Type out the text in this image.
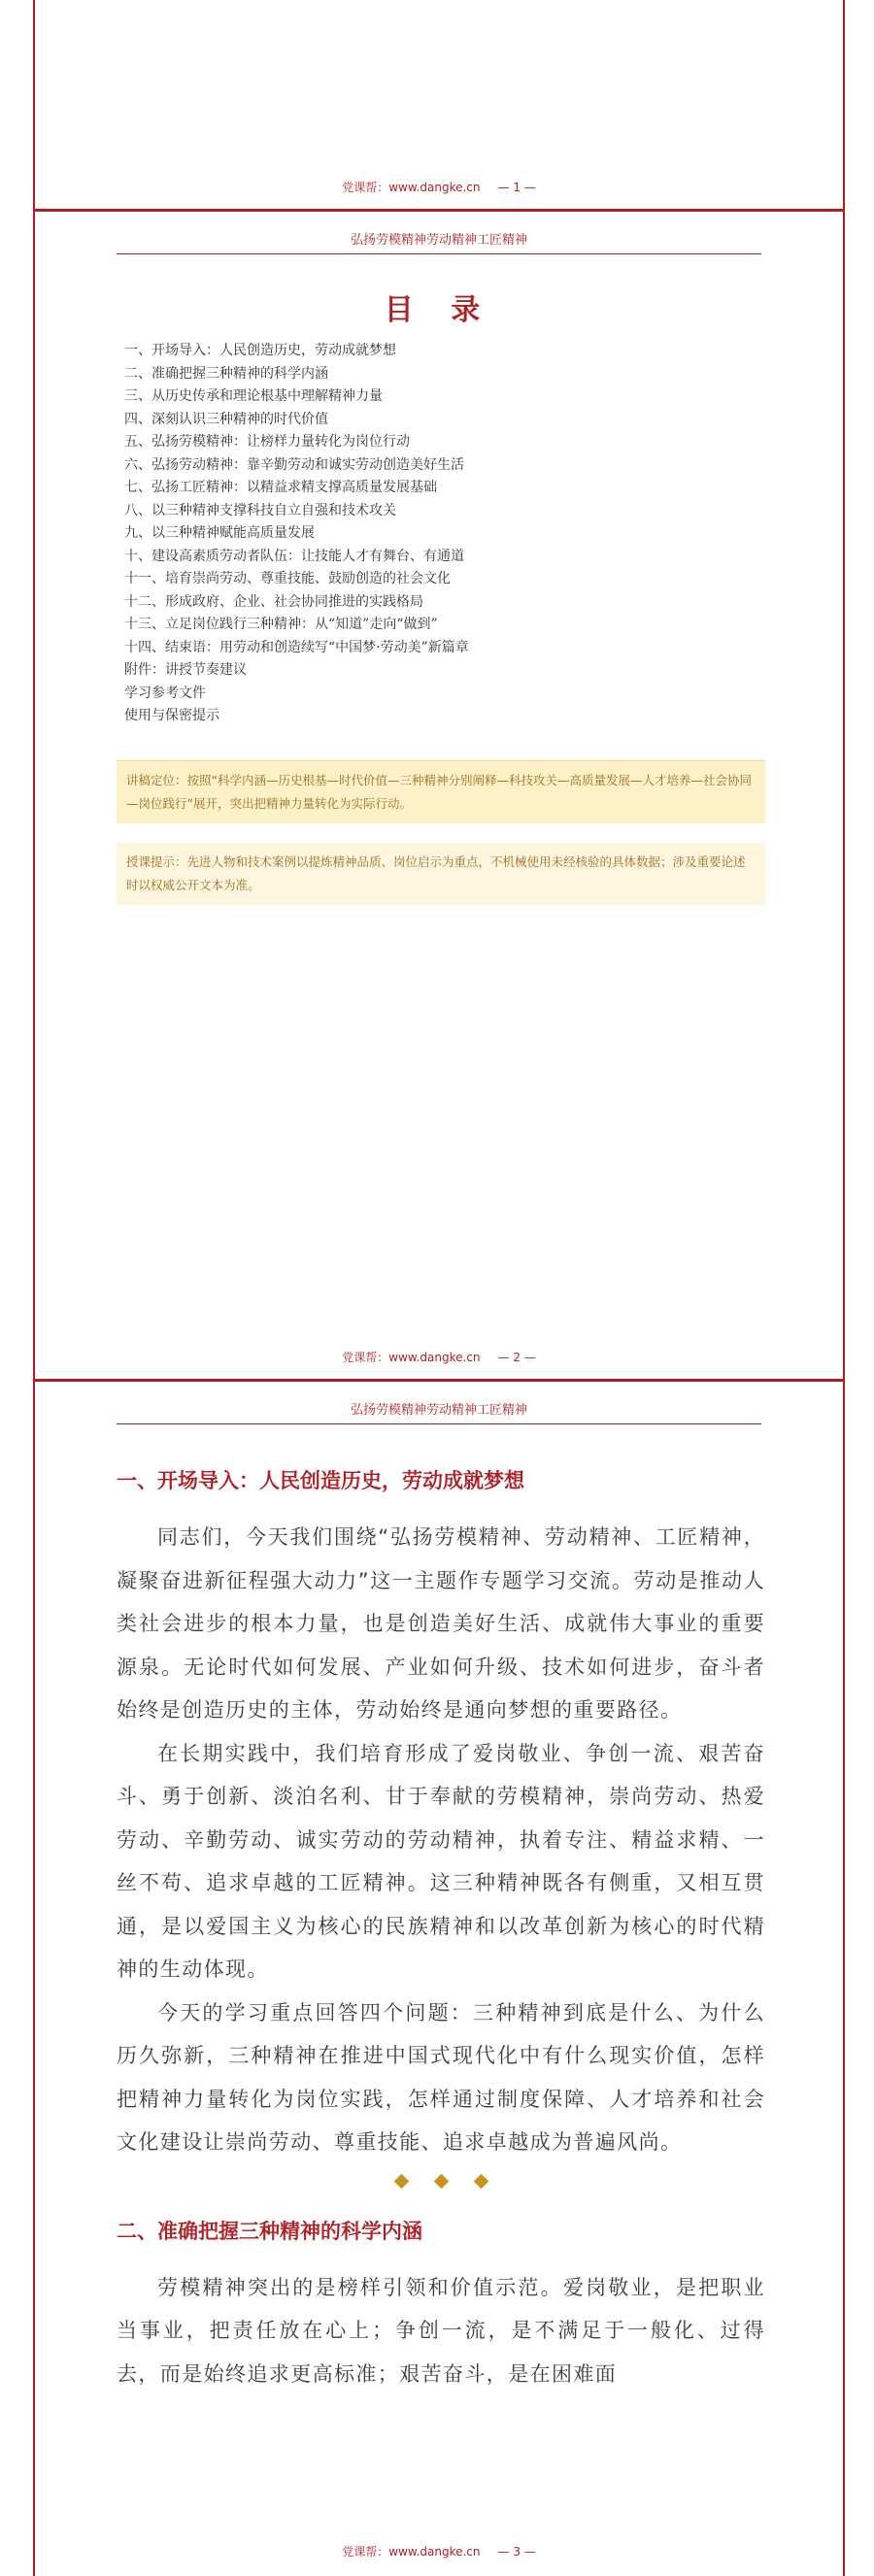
党课帮：www.dangke.cn — 1 —
弘扬劳模精神劳动精神工匠精神
目 录
一、开场导入：人民创造历史，劳动成就梦想
二、准确把握三种精神的科学内涵
三、从历史传承和理论根基中理解精神力量
四、深刻认识三种精神的时代价值
五、弘扬劳模精神：让榜样力量转化为岗位行动
六、弘扬劳动精神：靠辛勤劳动和诚实劳动创造美好生活
七、弘扬工匠精神：以精益求精支撑高质量发展基础
八、以三种精神支撑科技自立自强和技术攻关
九、以三种精神赋能高质量发展
十、建设高素质劳动者队伍：让技能人才有舞台、有通道
十一、培育崇尚劳动、尊重技能、鼓励创造的社会文化
十二、形成政府、企业、社会协同推进的实践格局
十三、立足岗位践行三种精神：从“知道”走向“做到”
十四、结束语：用劳动和创造续写“中国梦·劳动美”新篇章
附件：讲授节奏建议
学习参考文件
使用与保密提示
讲稿定位：按照“科学内涵—历史根基—时代价值—三种精神分别阐释—科技攻关—高质量发展—人才培养—社会协同—岗位践行”展开，突出把精神力量转化为实际行动。
授课提示：先进人物和技术案例以提炼精神品质、岗位启示为重点，不机械使用未经核验的具体数据；涉及重要论述时以权威公开文本为准。
党课帮：www.dangke.cn — 2 —
弘扬劳模精神劳动精神工匠精神
一、开场导入：人民创造历史，劳动成就梦想

同志们，今天我们围绕“弘扬劳模精神、劳动精神、工匠精神，凝聚奋进新征程强大动力”这一主题作专题学习交流。劳动是推动人类社会进步的根本力量，也是创造美好生活、成就伟大事业的重要源泉。无论时代如何发展、产业如何升级、技术如何进步，奋斗者始终是创造历史的主体，劳动始终是通向梦想的重要路径。

在长期实践中，我们培育形成了爱岗敬业、争创一流、艰苦奋斗、勇于创新、淡泊名利、甘于奉献的劳模精神，崇尚劳动、热爱劳动、辛勤劳动、诚实劳动的劳动精神，执着专注、精益求精、一丝不苟、追求卓越的工匠精神。这三种精神既各有侧重，又相互贯通，是以爱国主义为核心的民族精神和以改革创新为核心的时代精神的生动体现。

今天的学习重点回答四个问题：三种精神到底是什么、为什么历久弥新，三种精神在推进中国式现代化中有什么现实价值，怎样把精神力量转化为岗位实践，怎样通过制度保障、人才培养和社会文化建设让崇尚劳动、尊重技能、追求卓越成为普遍风尚。

二、准确把握三种精神的科学内涵

劳模精神突出的是榜样引领和价值示范。爱岗敬业，是把职业当事业，把责任放在心上；争创一流，是不满足于一般化、过得去，而是始终追求更高标准；艰苦奋斗，是在困难面

党课帮：www.dangke.cn — 3 —
